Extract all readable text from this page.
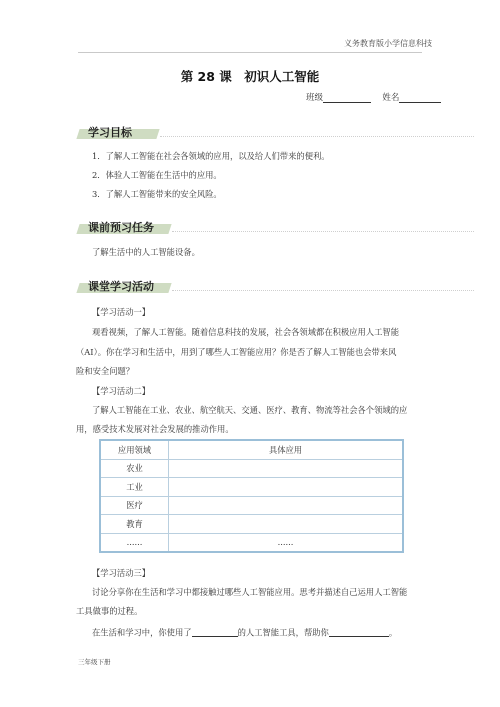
义务教育版小学信息科技
第 28 课　初识人工智能
班级	姓名
学习目标
1．了解人工智能在社会各领域的应用，以及给人们带来的便利。
2．体验人工智能在生活中的应用。
3．了解人工智能带来的安全风险。
课前预习任务
了解生活中的人工智能设备。
课堂学习活动
【学习活动一】
观看视频，了解人工智能。随着信息科技的发展，社会各领域都在积极应用人工智能
（AI）。你在学习和生活中，用到了哪些人工智能应用？你是否了解人工智能也会带来风
险和安全问题？
【学习活动二】
了解人工智能在工业、农业、航空航天、交通、医疗、教育、物流等社会各个领域的应
用，感受技术发展对社会发展的推动作用。
应用领域	具体应用
农业	
工业	
医疗	
教育	
......	......
【学习活动三】
讨论分享你在生活和学习中都接触过哪些人工智能应用。思考并描述自己运用人工智能
工具做事的过程。
在生活和学习中，你使用了	的人工智能工具，帮助你	。
三年级下册
